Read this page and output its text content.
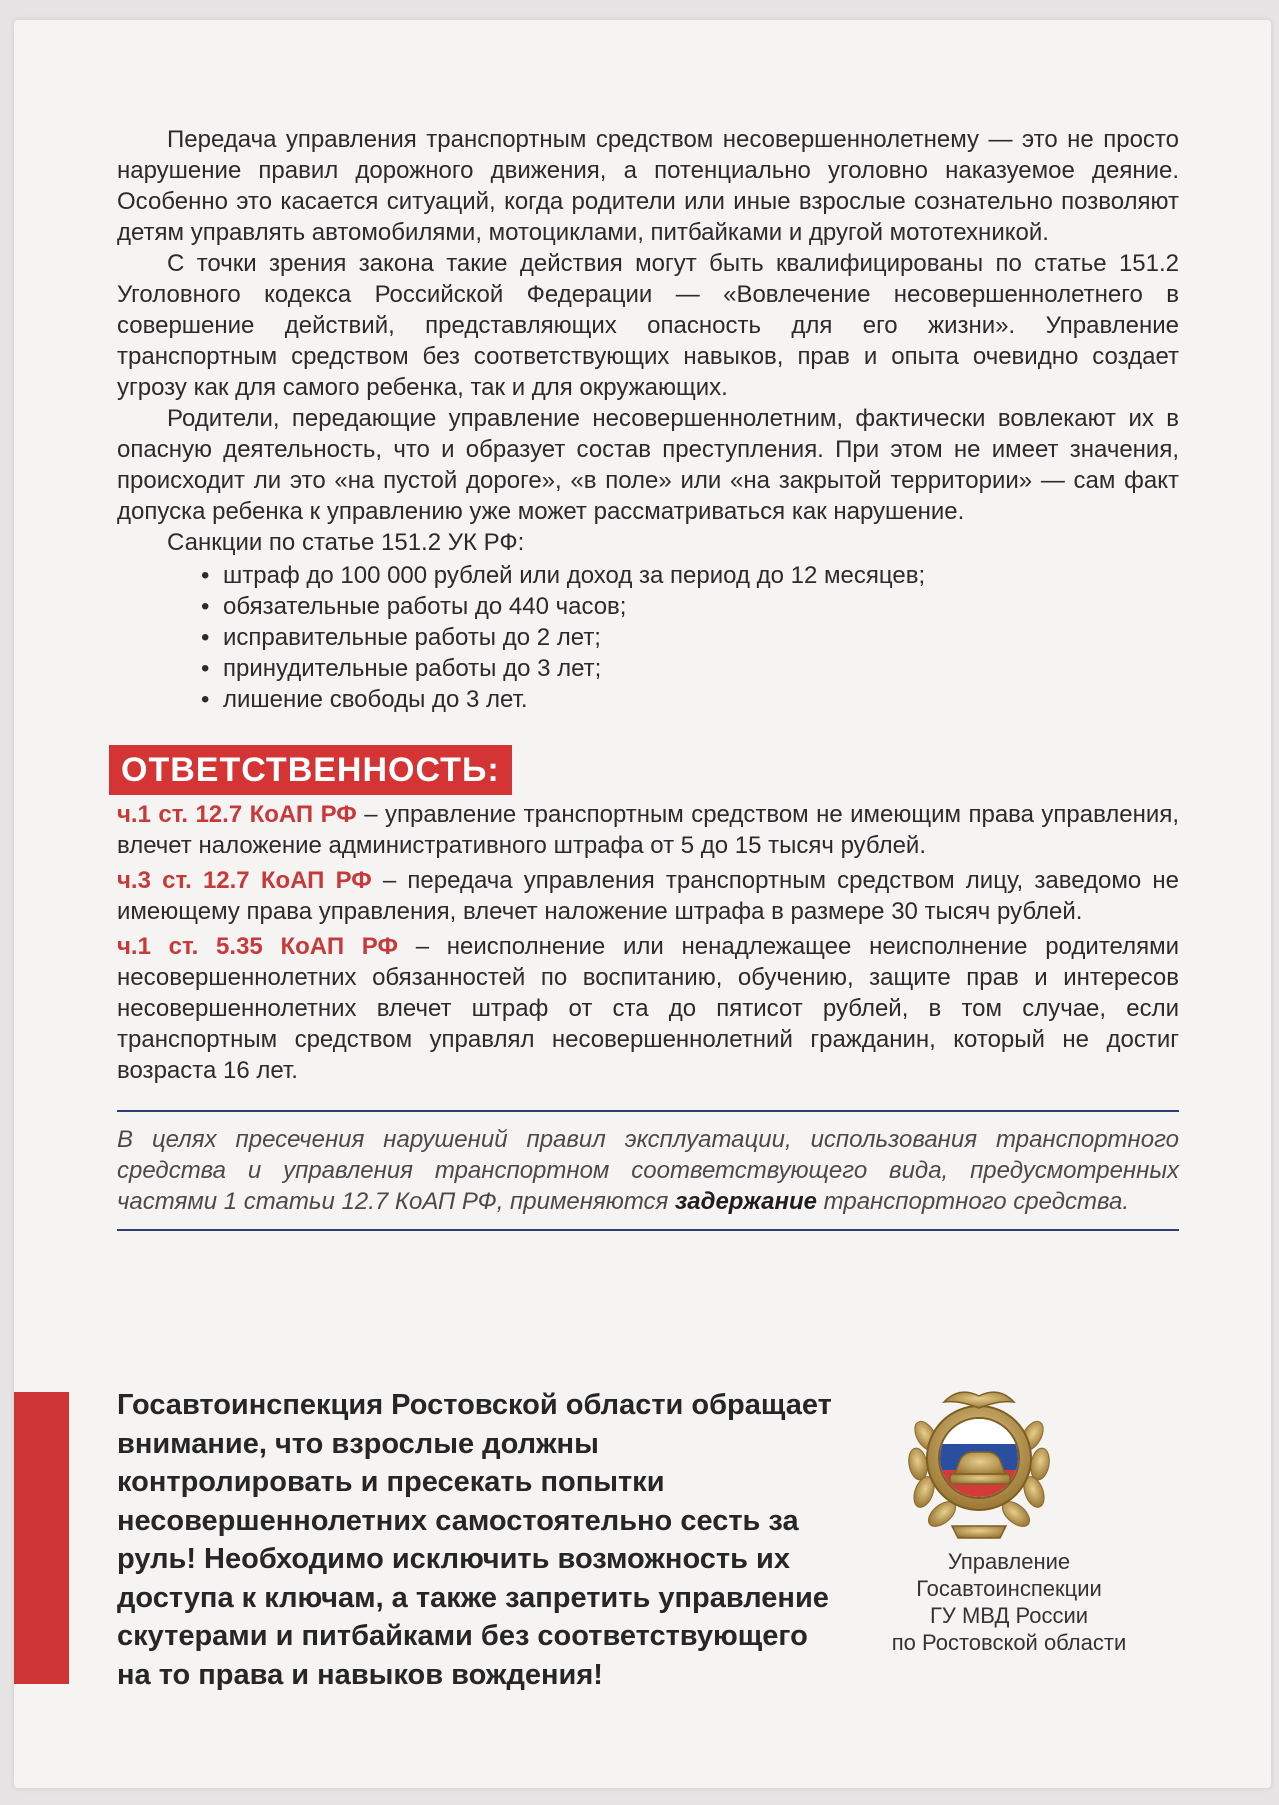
Передача управления транспортным средством несовершеннолетнему — это не просто нарушение правил дорожного движения, а потенциально уголовно наказуемое деяние. Особенно это касается ситуаций, когда родители или иные взрослые сознательно позволяют детям управлять автомобилями, мотоциклами, питбайками и другой мототехникой.

С точки зрения закона такие действия могут быть квалифицированы по статье 151.2 Уголовного кодекса Российской Федерации — «Вовлечение несовершеннолетнего в совершение действий, представляющих опасность для его жизни». Управление транспортным средством без соответствующих навыков, прав и опыта очевидно создает угрозу как для самого ребенка, так и для окружающих.

Родители, передающие управление несовершеннолетним, фактически вовлекают их в опасную деятельность, что и образует состав преступления. При этом не имеет значения, происходит ли это «на пустой дороге», «в поле» или «на закрытой территории» — сам факт допуска ребенка к управлению уже может рассматриваться как нарушение.

Санкции по статье 151.2 УК РФ:

• штраф до 100 000 рублей или доход за период до 12 месяцев;
• обязательные работы до 440 часов;
• исправительные работы до 2 лет;
• принудительные работы до 3 лет;
• лишение свободы до 3 лет.
ОТВЕТСТВЕННОСТЬ:

ч.1 ст. 12.7 КоАП РФ – управление транспортным средством не имеющим права управления, влечет наложение административного штрафа от 5 до 15 тысяч рублей.

ч.3 ст. 12.7 КоАП РФ – передача управления транспортным средством лицу, заведомо не имеющему права управления, влечет наложение штрафа в размере 30 тысяч рублей.

ч.1 ст. 5.35 КоАП РФ – неисполнение или ненадлежащее неисполнение родителями несовершеннолетних обязанностей по воспитанию, обучению, защите прав и интересов несовершеннолетних влечет штраф от ста до пятисот рублей, в том случае, если транспортным средством управлял несовершеннолетний гражданин, который не достиг возраста 16 лет.

В целях пресечения нарушений правил эксплуатации, использования транспортного средства и управления транспортном соответствующего вида, предусмотренных частями 1 статьи 12.7 КоАП РФ, применяются задержание транспортного средства.

Госавтоинспекция Ростовской области обращает внимание, что взрослые должны контролировать и пресекать попытки несовершеннолетних самостоятельно сесть за руль! Необходимо исключить возможность их доступа к ключам, а также запретить управление скутерами и питбайками без соответствующего на то права и навыков вождения!

Управление
Госавтоинспекции
ГУ МВД России
по Ростовской области
